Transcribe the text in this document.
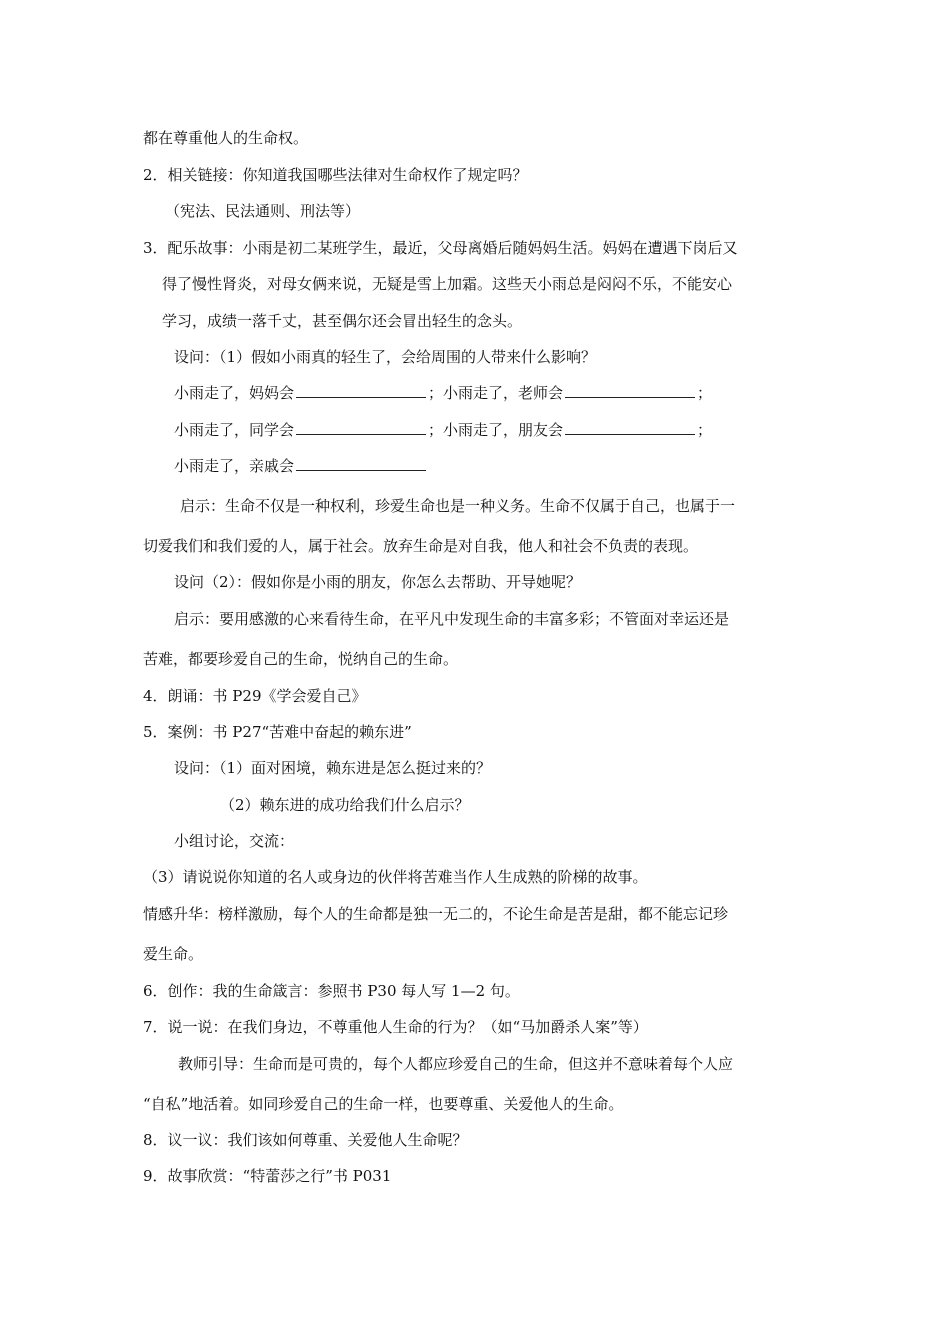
都在尊重他人的生命权。
2．相关链接：你知道我国哪些法律对生命权作了规定吗？
（宪法、民法通则、刑法等）
3．配乐故事：小雨是初二某班学生，最近，父母离婚后随妈妈生活。妈妈在遭遇下岗后又
得了慢性肾炎，对母女俩来说，无疑是雪上加霜。这些天小雨总是闷闷不乐，不能安心
学习，成绩一落千丈，甚至偶尔还会冒出轻生的念头。
设问：（1）假如小雨真的轻生了，会给周围的人带来什么影响？
小雨走了，妈妈会	；小雨走了，老师会	；
小雨走了，同学会	；小雨走了，朋友会	；
小雨走了，亲戚会
启示：生命不仅是一种权利，珍爱生命也是一种义务。生命不仅属于自己，也属于一
切爱我们和我们爱的人，属于社会。放弃生命是对自我，他人和社会不负责的表现。
设问（2）：假如你是小雨的朋友，你怎么去帮助、开导她呢？
启示：要用感激的心来看待生命，在平凡中发现生命的丰富多彩；不管面对幸运还是
苦难，都要珍爱自己的生命，悦纳自己的生命。
4．朗诵：书 P29《学会爱自己》
5．案例：书 P27“苦难中奋起的赖东进”
设问：（1）面对困境，赖东进是怎么挺过来的？
（2）赖东进的成功给我们什么启示？
小组讨论，交流：
（3）请说说你知道的名人或身边的伙伴将苦难当作人生成熟的阶梯的故事。
情感升华：榜样激励，每个人的生命都是独一无二的，不论生命是苦是甜，都不能忘记珍
爱生命。
6．创作：我的生命箴言：参照书 P30 每人写 1—2 句。
7．说一说：在我们身边，不尊重他人生命的行为？（如“马加爵杀人案”等）
教师引导：生命而是可贵的，每个人都应珍爱自己的生命，但这并不意味着每个人应
“自私”地活着。如同珍爱自己的生命一样，也要尊重、关爱他人的生命。
8．议一议：我们该如何尊重、关爱他人生命呢？
9．故事欣赏：“特蕾莎之行”书 P031
